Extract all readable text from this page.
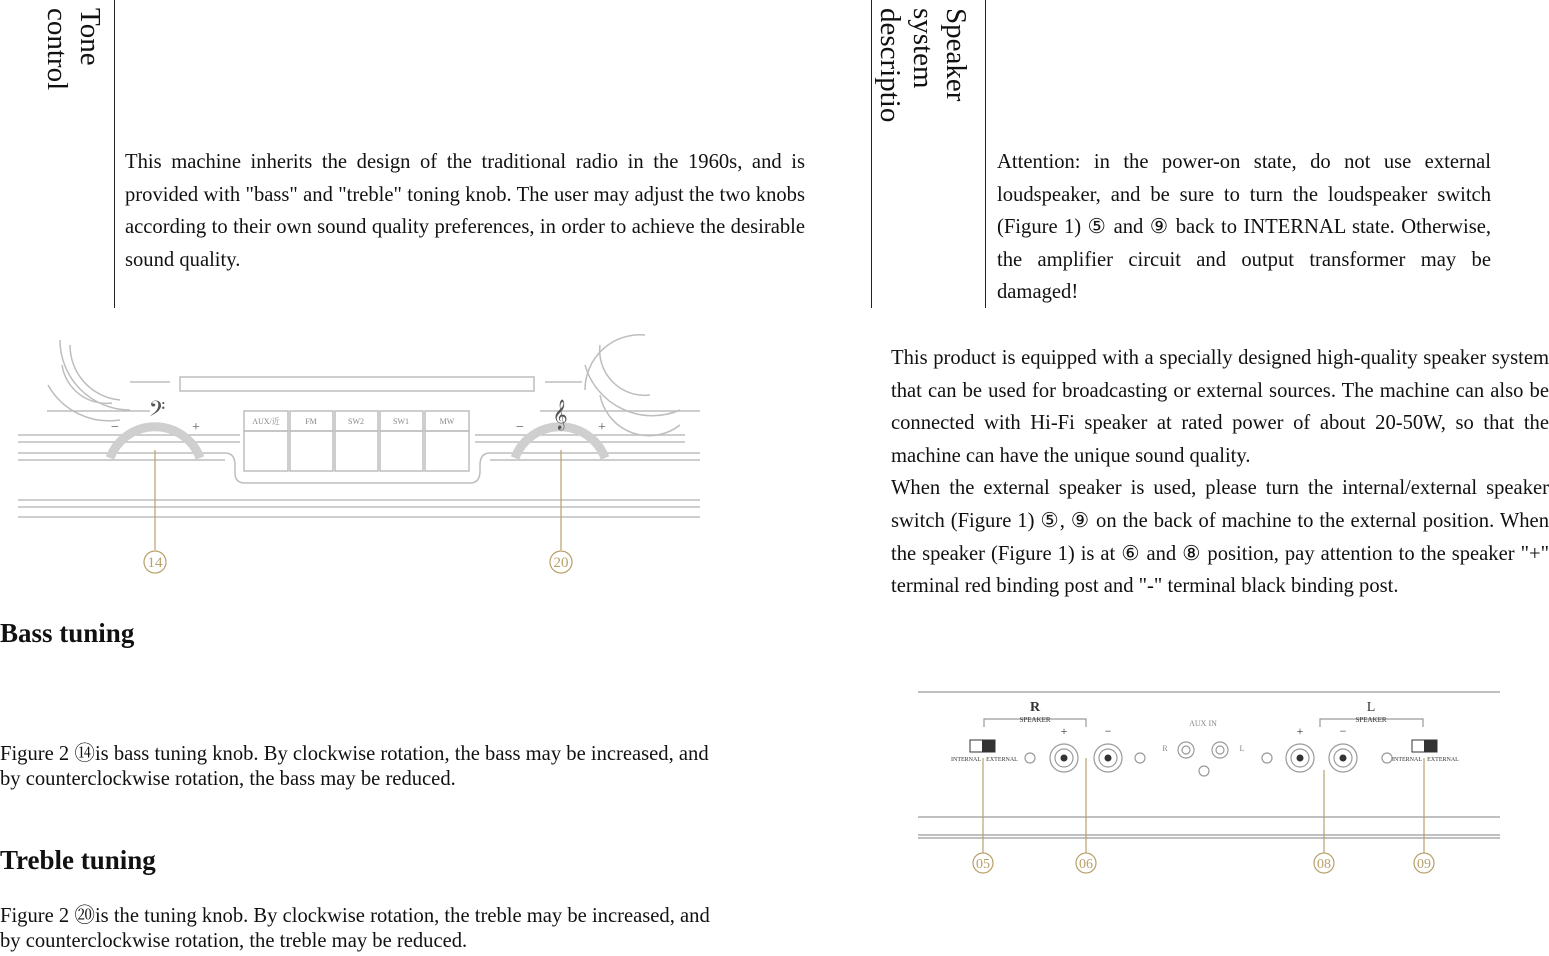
Tone
control

This machine inherits the design of the traditional radio in the 1960s, and is provided with "bass" and "treble" toning knob. The user may adjust the two knobs according to their own sound quality preferences, in order to achieve the desirable sound quality.

Speaker
system
descriptio

Attention: in the power-on state, do not use external loudspeaker, and be sure to turn the loudspeaker switch (Figure 1) ⑤ and ⑨ back to INTERNAL state. Otherwise, the amplifier circuit and output transformer may be damaged!

This product is equipped with a specially designed high-quality speaker system that can be used for broadcasting or external sources. The machine can also be connected with Hi-Fi speaker at rated power of about 20-50W, so that the machine can have the unique sound quality.
When the external speaker is used, please turn the internal/external speaker switch (Figure 1) ⑤, ⑨ on the back of machine to the external position. When the speaker (Figure 1) is at ⑥ and ⑧ position, pay attention to the speaker "+" terminal red binding post and "-" terminal black binding post.
AUX/近	FM	SW2	SW1	MW
𝄢	𝄞
−	+	−	+
14	20
Bass tuning
Figure 2 ⑭is bass tuning knob. By clockwise rotation, the bass may be increased, and
by counterclockwise rotation, the bass may be reduced.
Treble tuning
Figure 2 ⑳is the tuning knob. By clockwise rotation, the treble may be increased, and
by counterclockwise rotation, the treble may be reduced.
R	L
SPEAKER	SPEAKER
AUX IN
R	L
INTERNAL EXTERNAL	INTERNAL EXTERNAL
+	−	+	−
05	06	08	09
